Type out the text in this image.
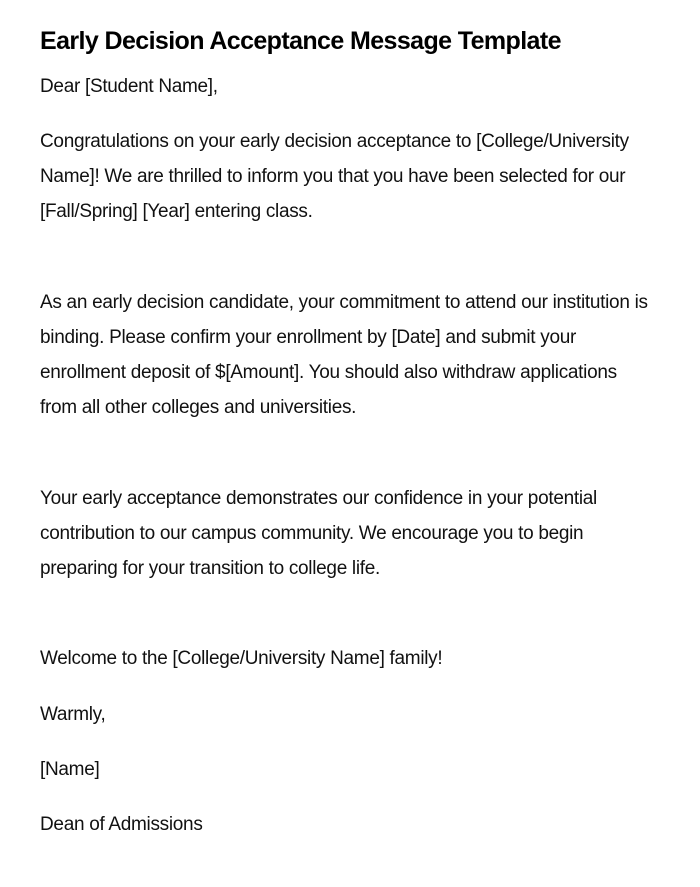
Early Decision Acceptance Message Template

Dear [Student Name],

Congratulations on your early decision acceptance to [College/University Name]! We are thrilled to inform you that you have been selected for our [Fall/Spring] [Year] entering class.

As an early decision candidate, your commitment to attend our institution is binding. Please confirm your enrollment by [Date] and submit your enrollment deposit of $[Amount]. You should also withdraw applications from all other colleges and universities.

Your early acceptance demonstrates our confidence in your potential contribution to our campus community. We encourage you to begin preparing for your transition to college life.

Welcome to the [College/University Name] family!

Warmly,

[Name]

Dean of Admissions
